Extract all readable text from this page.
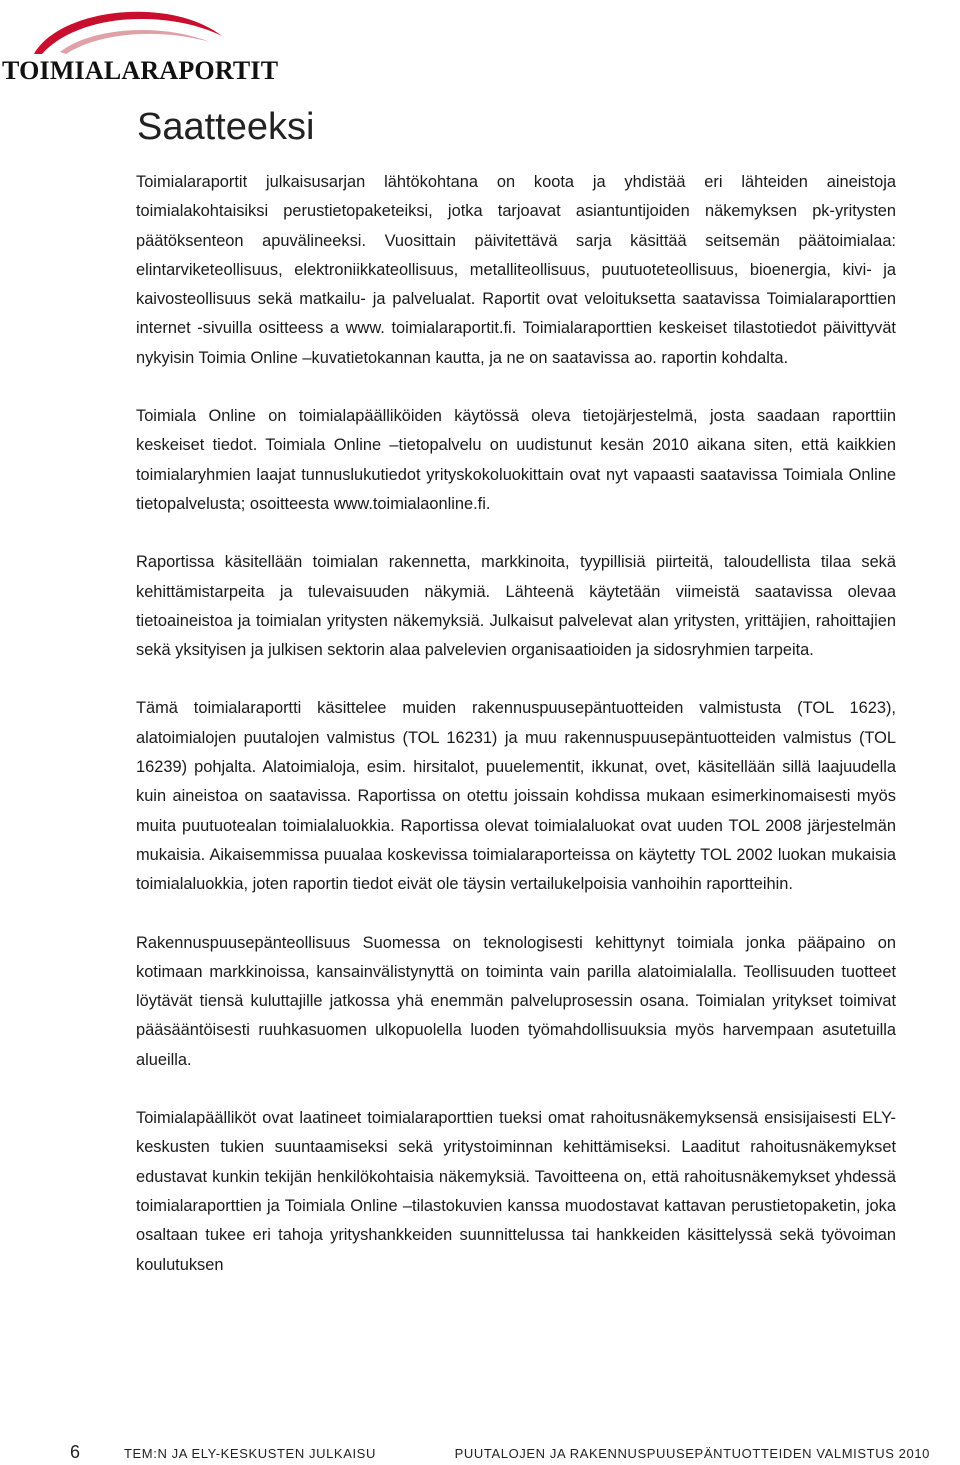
TOIMIALARAPORTIT
Saatteeksi

Toimialaraportit julkaisusarjan lähtökohtana on koota ja yhdistää eri lähteiden aineistoja toimialakohtaisiksi perustietopaketeiksi, jotka tarjoavat asiantuntijoiden näkemyksen pk-yritysten päätöksenteon apuvälineeksi. Vuosittain päivitettävä sarja käsittää seitsemän päätoimialaa: elintarviketeollisuus, elektroniikkateollisuus, metalliteollisuus, puutuoteteollisuus, bioenergia, kivi- ja kaivosteollisuus sekä matkailu- ja palvelualat. Raportit ovat veloituksetta saatavissa Toimialaraporttien internet -sivuilla ositteess a www. toimialaraportit.fi. Toimialaraporttien keskeiset tilastotiedot päivittyvät nykyisin Toimia Online –kuvatietokannan kautta, ja ne on saatavissa ao. raportin kohdalta.

Toimiala Online on toimialapäälliköiden käytössä oleva tietojärjestelmä, josta saadaan raporttiin keskeiset tiedot. Toimiala Online –tietopalvelu on uudistunut kesän 2010 aikana siten, että kaikkien toimialaryhmien laajat tunnuslukutiedot yrityskokoluokittain ovat nyt vapaasti saatavissa Toimiala Online tietopalvelusta; osoitteesta www.toimialaonline.fi.

Raportissa käsitellään toimialan rakennetta, markkinoita, tyypillisiä piirteitä, taloudellista tilaa sekä kehittämistarpeita ja tulevaisuuden näkymiä. Lähteenä käytetään viimeistä saatavissa olevaa tietoaineistoa ja toimialan yritysten näkemyksiä. Julkaisut palvelevat alan yritysten, yrittäjien, rahoittajien sekä yksityisen ja julkisen sektorin alaa palvelevien organisaatioiden ja sidosryhmien tarpeita.

Tämä toimialaraportti käsittelee muiden rakennuspuusepäntuotteiden valmistusta (TOL 1623), alatoimialojen puutalojen valmistus (TOL 16231) ja muu rakennuspuusepäntuotteiden valmistus (TOL 16239) pohjalta. Alatoimialoja, esim. hirsitalot, puuelementit, ikkunat, ovet, käsitellään sillä laajuudella kuin aineistoa on saatavissa. Raportissa on otettu joissain kohdissa mukaan esimerkinomaisesti myös muita puutuotealan toimialaluokkia. Raportissa olevat toimialaluokat ovat uuden TOL 2008 järjestelmän mukaisia. Aikaisemmissa puualaa koskevissa toimialaraporteissa on käytetty TOL 2002 luokan mukaisia toimialaluokkia, joten raportin tiedot eivät ole täysin vertailukelpoisia vanhoihin raportteihin.

Rakennuspuusepänteollisuus Suomessa on teknologisesti kehittynyt toimiala jonka pääpaino on kotimaan markkinoissa, kansainvälistynyttä on toiminta vain parilla alatoimialalla. Teollisuuden tuotteet löytävät tiensä kuluttajille jatkossa yhä enemmän palveluprosessin osana. Toimialan yritykset toimivat pääsääntöisesti ruuhkasuomen ulkopuolella luoden työmahdollisuuksia myös harvempaan asutetuilla alueilla.

Toimialapäälliköt ovat laatineet toimialaraporttien tueksi omat rahoitusnäkemyksensä ensisijaisesti ELY-keskusten tukien suuntaamiseksi sekä yritystoiminnan kehittämiseksi. Laaditut rahoitusnäkemykset edustavat kunkin tekijän henkilökohtaisia näkemyksiä. Tavoitteena on, että rahoitusnäkemykset yhdessä toimialaraporttien ja Toimiala Online –tilastokuvien kanssa muodostavat kattavan perustietopaketin, joka osaltaan tukee eri tahoja yrityshankkeiden suunnittelussa tai hankkeiden käsittelyssä sekä työvoiman koulutuksen

6	TEM:N JA ELY-KESKUSTEN JULKAISU	PUUTALOJEN JA RAKENNUSPUUSEPÄNTUOTTEIDEN VALMISTUS 2010
